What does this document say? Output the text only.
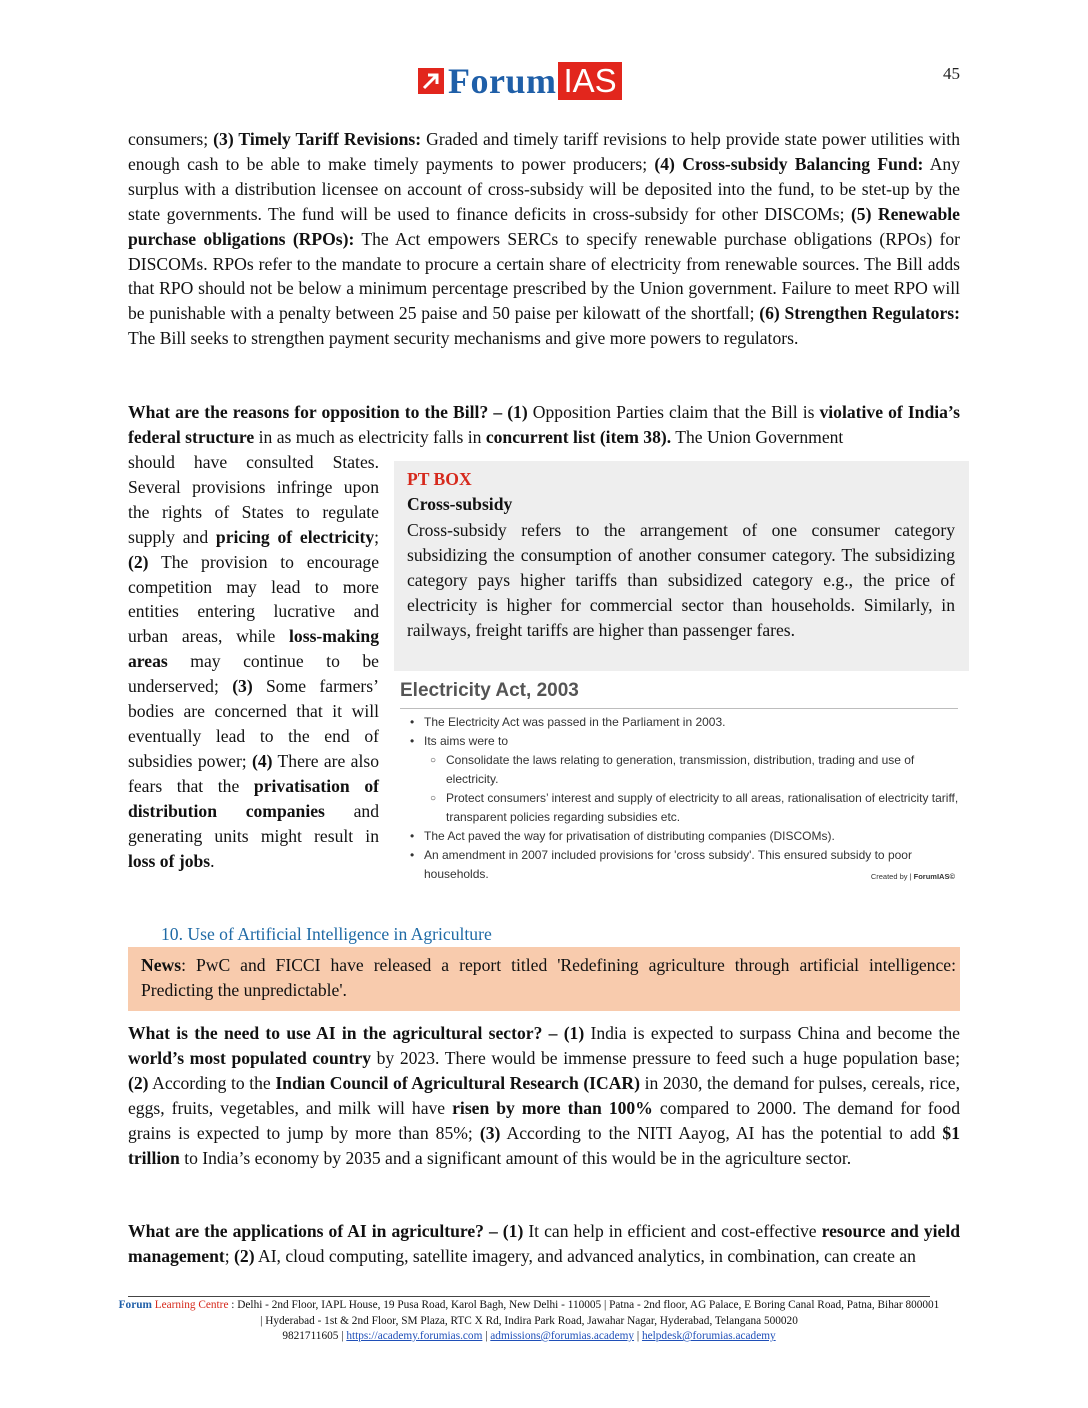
Forum IAS	45
consumers; (3) Timely Tariff Revisions: Graded and timely tariff revisions to help provide state power utilities with enough cash to be able to make timely payments to power producers; (4) Cross-subsidy Balancing Fund: Any surplus with a distribution licensee on account of cross-subsidy will be deposited into the fund, to be stet-up by the state governments. The fund will be used to finance deficits in cross-subsidy for other DISCOMs; (5) Renewable purchase obligations (RPOs): The Act empowers SERCs to specify renewable purchase obligations (RPOs) for DISCOMs. RPOs refer to the mandate to procure a certain share of electricity from renewable sources. The Bill adds that RPO should not be below a minimum percentage prescribed by the Union government. Failure to meet RPO will be punishable with a penalty between 25 paise and 50 paise per kilowatt of the shortfall; (6) Strengthen Regulators: The Bill seeks to strengthen payment security mechanisms and give more powers to regulators.
What are the reasons for opposition to the Bill? – (1) Opposition Parties claim that the Bill is violative of India’s federal structure in as much as electricity falls in concurrent list (item 38). The Union Government
should have consulted States. Several provisions infringe upon the rights of States to regulate supply and pricing of electricity; (2) The provision to encourage competition may lead to more entities entering lucrative and urban areas, while loss-making areas may continue to be underserved; (3) Some farmers’ bodies are concerned that it will eventually lead to the end of subsidies power; (4) There are also fears that the privatisation of distribution companies and generating units might result in loss of jobs.
PT BOX
Cross-subsidy
Cross-subsidy refers to the arrangement of one consumer category subsidizing the consumption of another consumer category. The subsidizing category pays higher tariffs than subsidized category e.g., the price of electricity is higher for commercial sector than households. Similarly, in railways, freight tariffs are higher than passenger fares.
Electricity Act, 2003
• The Electricity Act was passed in the Parliament in 2003.
• Its aims were to
○ Consolidate the laws relating to generation, transmission, distribution, trading and use of electricity.
○ Protect consumers’ interest and supply of electricity to all areas, rationalisation of electricity tariff, transparent policies regarding subsidies etc.
• The Act paved the way for privatisation of distributing companies (DISCOMs).
• An amendment in 2007 included provisions for 'cross subsidy'. This ensured subsidy to poor households.	Created by | ForumIAS©
10. Use of Artificial Intelligence in Agriculture
News: PwC and FICCI have released a report titled 'Redefining agriculture through artificial intelligence: Predicting the unpredictable'.
What is the need to use AI in the agricultural sector? – (1) India is expected to surpass China and become the world’s most populated country by 2023. There would be immense pressure to feed such a huge population base; (2) According to the Indian Council of Agricultural Research (ICAR) in 2030, the demand for pulses, cereals, rice, eggs, fruits, vegetables, and milk will have risen by more than 100% compared to 2000. The demand for food grains is expected to jump by more than 85%; (3) According to the NITI Aayog, AI has the potential to add $1 trillion to India’s economy by 2035 and a significant amount of this would be in the agriculture sector.
What are the applications of AI in agriculture? – (1) It can help in efficient and cost-effective resource and yield management; (2) AI, cloud computing, satellite imagery, and advanced analytics, in combination, can create an
Forum Learning Centre : Delhi - 2nd Floor, IAPL House, 19 Pusa Road, Karol Bagh, New Delhi - 110005 | Patna - 2nd floor, AG Palace, E Boring Canal Road, Patna, Bihar 800001 | Hyderabad - 1st & 2nd Floor, SM Plaza, RTC X Rd, Indira Park Road, Jawahar Nagar, Hyderabad, Telangana 500020
9821711605 | https://academy.forumias.com | admissions@forumias.academy | helpdesk@forumias.academy
